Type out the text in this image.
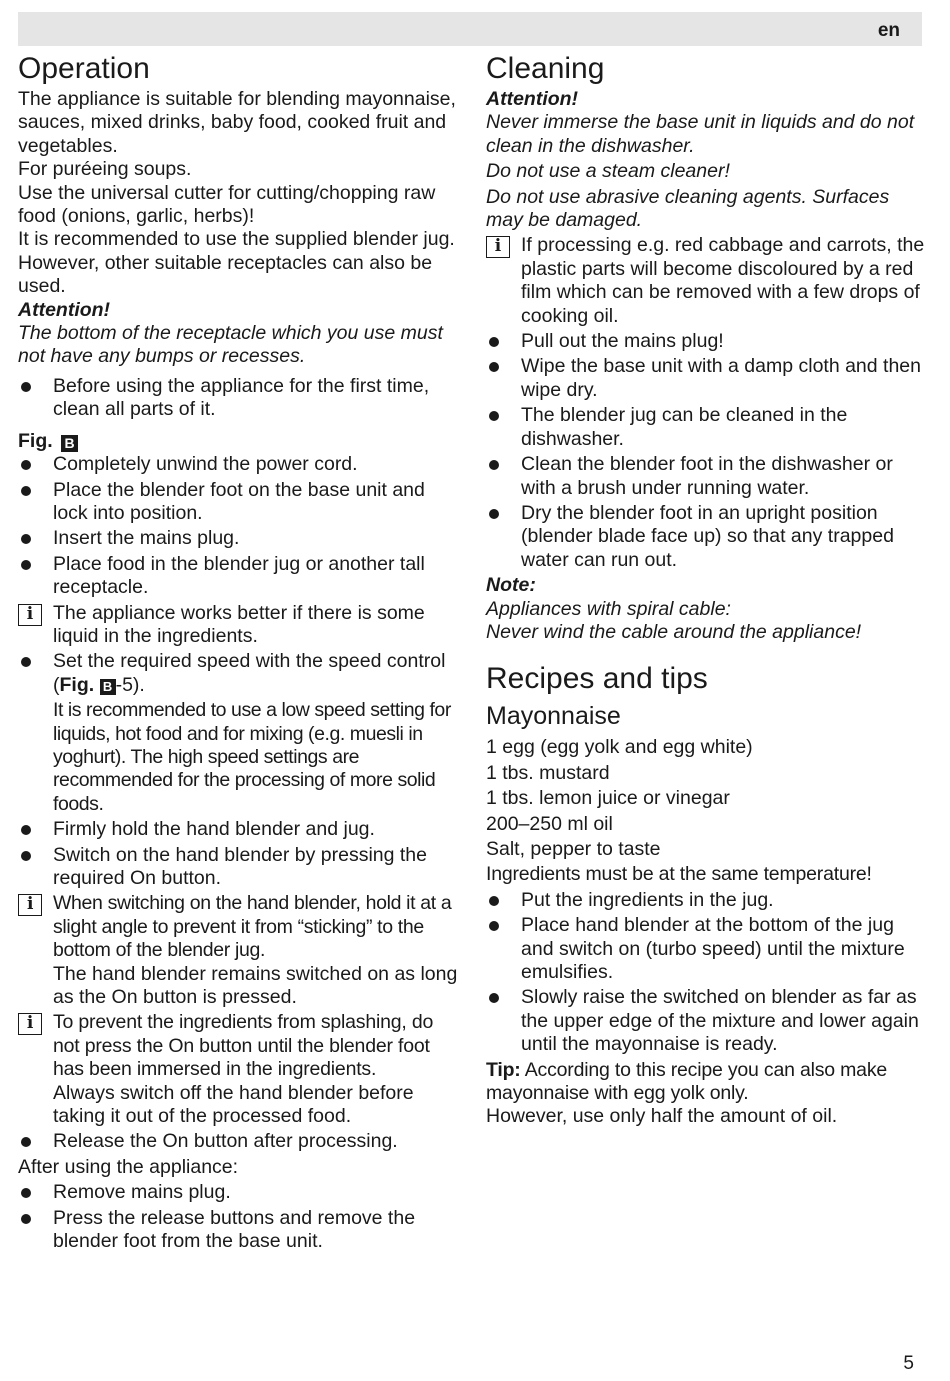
en
Operation

The appliance is suitable for blending mayonnaise, sauces, mixed drinks, baby food, cooked fruit and vegetables.

For puréeing soups.

Use the universal cutter for cutting/chopping raw food (onions, garlic, herbs)!

It is recommended to use the supplied blender jug. However, other suitable receptacles can also be used.

Attention!

The bottom of the receptacle which you use must not have any bumps or recesses.

Before using the appliance for the first time, clean all parts of it.

Fig. B

Completely unwind the power cord.
Place the blender foot on the base unit and lock into position.
Insert the mains plug.
Place food in the blender jug or another tall receptacle.
i	The appliance works better if there is some liquid in the ingredients.
Set the required speed with the speed control (Fig. B -5).
It is recommended to use a low speed setting for liquids, hot food and for mixing (e.g. muesli in yoghurt). The high speed settings are recommended for the processing of more solid foods.
Firmly hold the hand blender and jug.
Switch on the hand blender by pressing the required On button.
i	When switching on the hand blender, hold it at a slight angle to prevent it from “sticking” to the bottom of the blender jug.
The hand blender remains switched on as long as the On button is pressed.
i	To prevent the ingredients from splashing, do not press the On button until the blender foot has been immersed in the ingredients.
Always switch off the hand blender before taking it out of the processed food.
Release the On button after processing.

After using the appliance:

Remove mains plug.
Press the release buttons and remove the blender foot from the base unit.
Cleaning

Attention!

Never immerse the base unit in liquids and do not clean in the dishwasher.

Do not use a steam cleaner!

Do not use abrasive cleaning agents. Surfaces may be damaged.

i	If processing e.g. red cabbage and carrots, the plastic parts will become discoloured by a red film which can be removed with a few drops of cooking oil.
Pull out the mains plug!
Wipe the base unit with a damp cloth and then wipe dry.
The blender jug can be cleaned in the dishwasher.
Clean the blender foot in the dishwasher or with a brush under running water.
Dry the blender foot in an upright position (blender blade face up) so that any trapped water can run out.

Note:

Appliances with spiral cable:

Never wind the cable around the appliance!

Recipes and tips
Mayonnaise

1 egg (egg yolk and egg white)

1 tbs. mustard

1 tbs. lemon juice or vinegar

200–250 ml oil

Salt, pepper to taste

Ingredients must be at the same temperature!

Put the ingredients in the jug.
Place hand blender at the bottom of the jug and switch on (turbo speed) until the mixture emulsifies.
Slowly raise the switched on blender as far as the upper edge of the mixture and lower again until the mayonnaise is ready.

Tip: According to this recipe you can also make mayonnaise with egg yolk only.

However, use only half the amount of oil.

5
